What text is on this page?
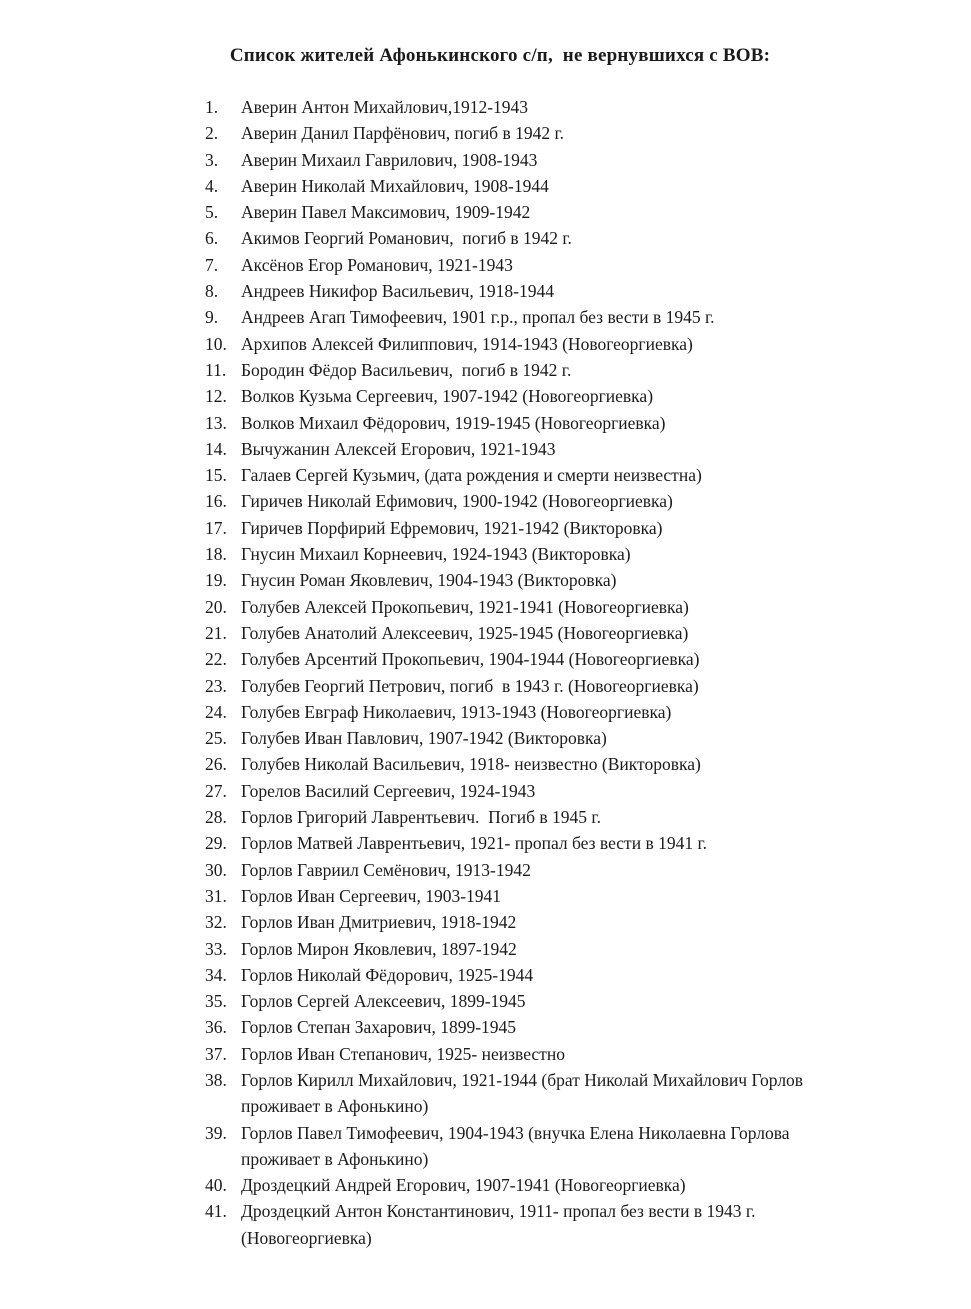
Список жителей Афонькинского с/п,  не вернувшихся с ВОВ:
1.	Аверин Антон Михайлович,1912-1943
2.	Аверин Данил Парфёнович, погиб в 1942 г.
3.	Аверин Михаил Гаврилович, 1908-1943
4.	Аверин Николай Михайлович, 1908-1944
5.	Аверин Павел Максимович, 1909-1942
6.	Акимов Георгий Романович,  погиб в 1942 г.
7.	Аксёнов Егор Романович, 1921-1943
8.	Андреев Никифор Васильевич, 1918-1944
9.	Андреев Агап Тимофеевич, 1901 г.р., пропал без вести в 1945 г.
10. Архипов Алексей Филиппович, 1914-1943 (Новогеоргиевка)
11. Бородин Фёдор Васильевич,  погиб в 1942 г.
12. Волков Кузьма Сергеевич, 1907-1942 (Новогеоргиевка)
13. Волков Михаил Фёдорович, 1919-1945 (Новогеоргиевка)
14. Вычужанин Алексей Егорович, 1921-1943
15. Галаев Сергей Кузьмич, (дата рождения и смерти неизвестна)
16. Гиричев Николай Ефимович, 1900-1942 (Новогеоргиевка)
17. Гиричев Порфирий Ефремович, 1921-1942 (Викторовка)
18. Гнусин Михаил Корнеевич, 1924-1943 (Викторовка)
19. Гнусин Роман Яковлевич, 1904-1943 (Викторовка)
20. Голубев Алексей Прокопьевич, 1921-1941 (Новогеоргиевка)
21. Голубев Анатолий Алексеевич, 1925-1945 (Новогеоргиевка)
22. Голубев Арсентий Прокопьевич, 1904-1944 (Новогеоргиевка)
23. Голубев Георгий Петрович, погиб  в 1943 г. (Новогеоргиевка)
24. Голубев Евграф Николаевич, 1913-1943 (Новогеоргиевка)
25. Голубев Иван Павлович, 1907-1942 (Викторовка)
26. Голубев Николай Васильевич, 1918- неизвестно (Викторовка)
27. Горелов Василий Сергеевич, 1924-1943
28. Горлов Григорий Лаврентьевич.  Погиб в 1945 г.
29. Горлов Матвей Лаврентьевич, 1921- пропал без вести в 1941 г.
30. Горлов Гавриил Семёнович, 1913-1942
31. Горлов Иван Сергеевич, 1903-1941
32. Горлов Иван Дмитриевич, 1918-1942
33. Горлов Мирон Яковлевич, 1897-1942
34. Горлов Николай Фёдорович, 1925-1944
35. Горлов Сергей Алексеевич, 1899-1945
36. Горлов Степан Захарович, 1899-1945
37. Горлов Иван Степанович, 1925- неизвестно
38. Горлов Кирилл Михайлович, 1921-1944 (брат Николай Михайлович Горлов проживает в Афонькино)
39. Горлов Павел Тимофеевич, 1904-1943 (внучка Елена Николаевна Горлова проживает в Афонькино)
40. Дроздецкий Андрей Егорович, 1907-1941 (Новогеоргиевка)
41. Дроздецкий Антон Константинович, 1911- пропал без вести в 1943 г. (Новогеоргиевка)
